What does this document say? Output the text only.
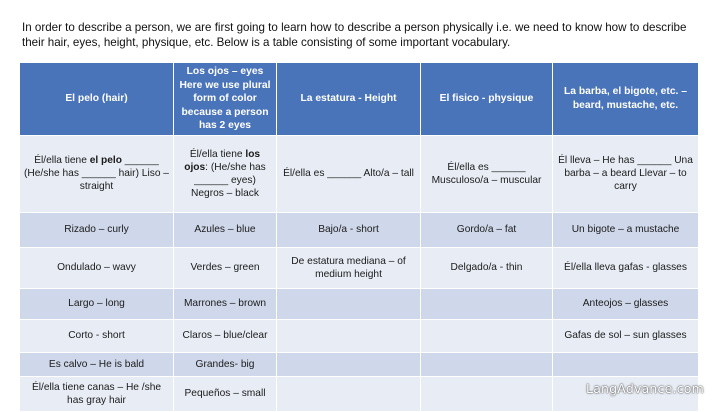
In order to describe a person, we are first going to learn how to describe a person physically i.e. we need to know how to describe their hair, eyes, height, physique, etc. Below is a table consisting of some important vocabulary.

El pelo (hair)	Los ojos – eyes Here we use plural form of color because a person has 2 eyes	La estatura - Height	El fisico - physique	La barba, el bigote, etc. – beard, mustache, etc.
Él/ella tiene el pelo ______ (He/she has ______ hair) Liso – straight	Él/ella tiene los ojos: (He/she has ______ eyes) Negros – black	Él/ella es ______ Alto/a – tall	Él/ella es ______ Musculoso/a – muscular	Él lleva – He has ______ Una barba – a beard Llevar – to carry
Rizado – curly	Azules – blue	Bajo/a - short	Gordo/a – fat	Un bigote – a mustache
Ondulado – wavy	Verdes – green	De estatura mediana – of medium height	Delgado/a - thin	Él/ella lleva gafas - glasses
Largo – long	Marrones – brown			Anteojos – glasses
Corto - short	Claros – blue/clear			Gafas de sol – sun glasses
Es calvo – He is bald	Grandes- big			
Él/ella tiene canas – He /she has gray hair	Pequeños – small				LangAdvance.com
